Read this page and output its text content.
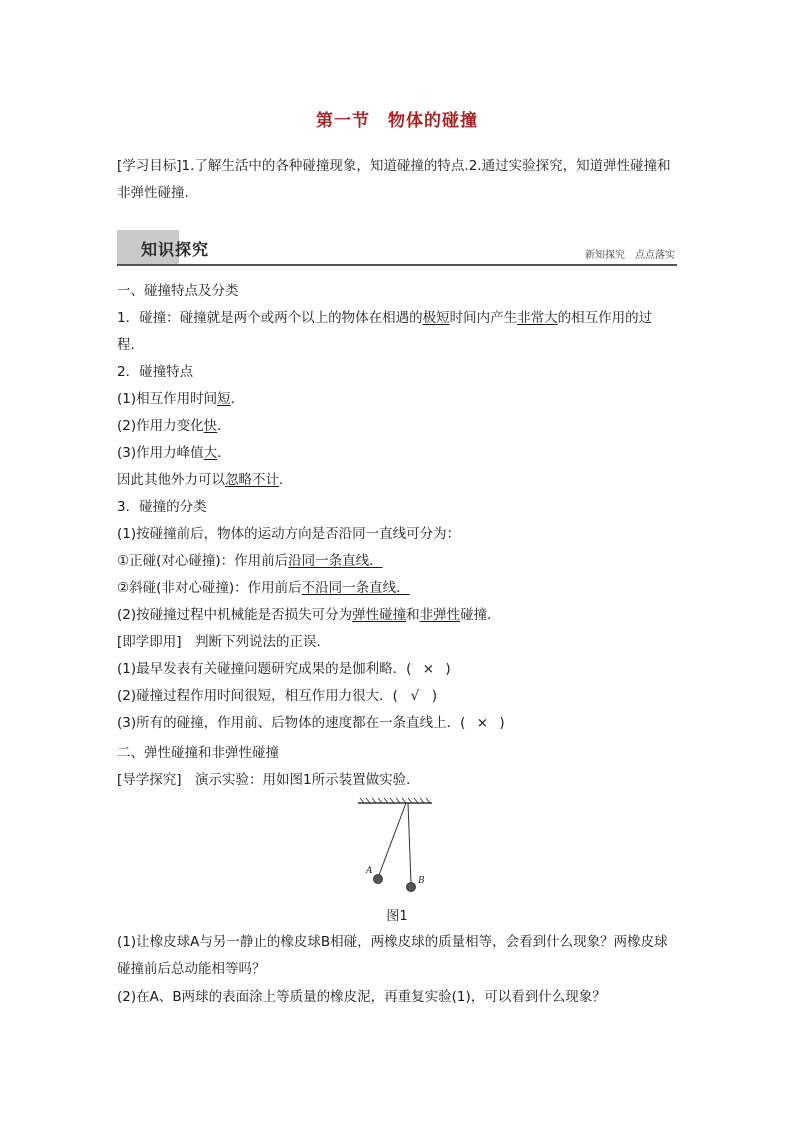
第一节　物体的碰撞
[学习目标]1.了解生活中的各种碰撞现象，知道碰撞的特点.2.通过实验探究，知道弹性碰撞和非弹性碰撞.
知识探究	新知探究　点点落实
一、碰撞特点及分类
1．碰撞：碰撞就是两个或两个以上的物体在相遇的极短时间内产生非常大的相互作用的过
程．
2．碰撞特点
(1)相互作用时间短．
(2)作用力变化快．
(3)作用力峰值大．
因此其他外力可以忽略不计．
3．碰撞的分类
(1)按碰撞前后，物体的运动方向是否沿同一直线可分为：
①正碰(对心碰撞)：作用前后沿同一条直线．
②斜碰(非对心碰撞)：作用前后不沿同一条直线．
(2)按碰撞过程中机械能是否损失可分为弹性碰撞和非弹性碰撞．
[即学即用]　判断下列说法的正误．
(1)最早发表有关碰撞问题研究成果的是伽利略．( × )
(2)碰撞过程作用时间很短，相互作用力很大．( √ )
(3)所有的碰撞，作用前、后物体的速度都在一条直线上．( × )
二、弹性碰撞和非弹性碰撞
[导学探究]　演示实验：用如图1所示装置做实验．
A
B
图1
(1)让橡皮球A与另一静止的橡皮球B相碰，两橡皮球的质量相等，会看到什么现象？两橡皮球碰撞前后总动能相等吗？
(2)在A、B两球的表面涂上等质量的橡皮泥，再重复实验(1)，可以看到什么现象？
